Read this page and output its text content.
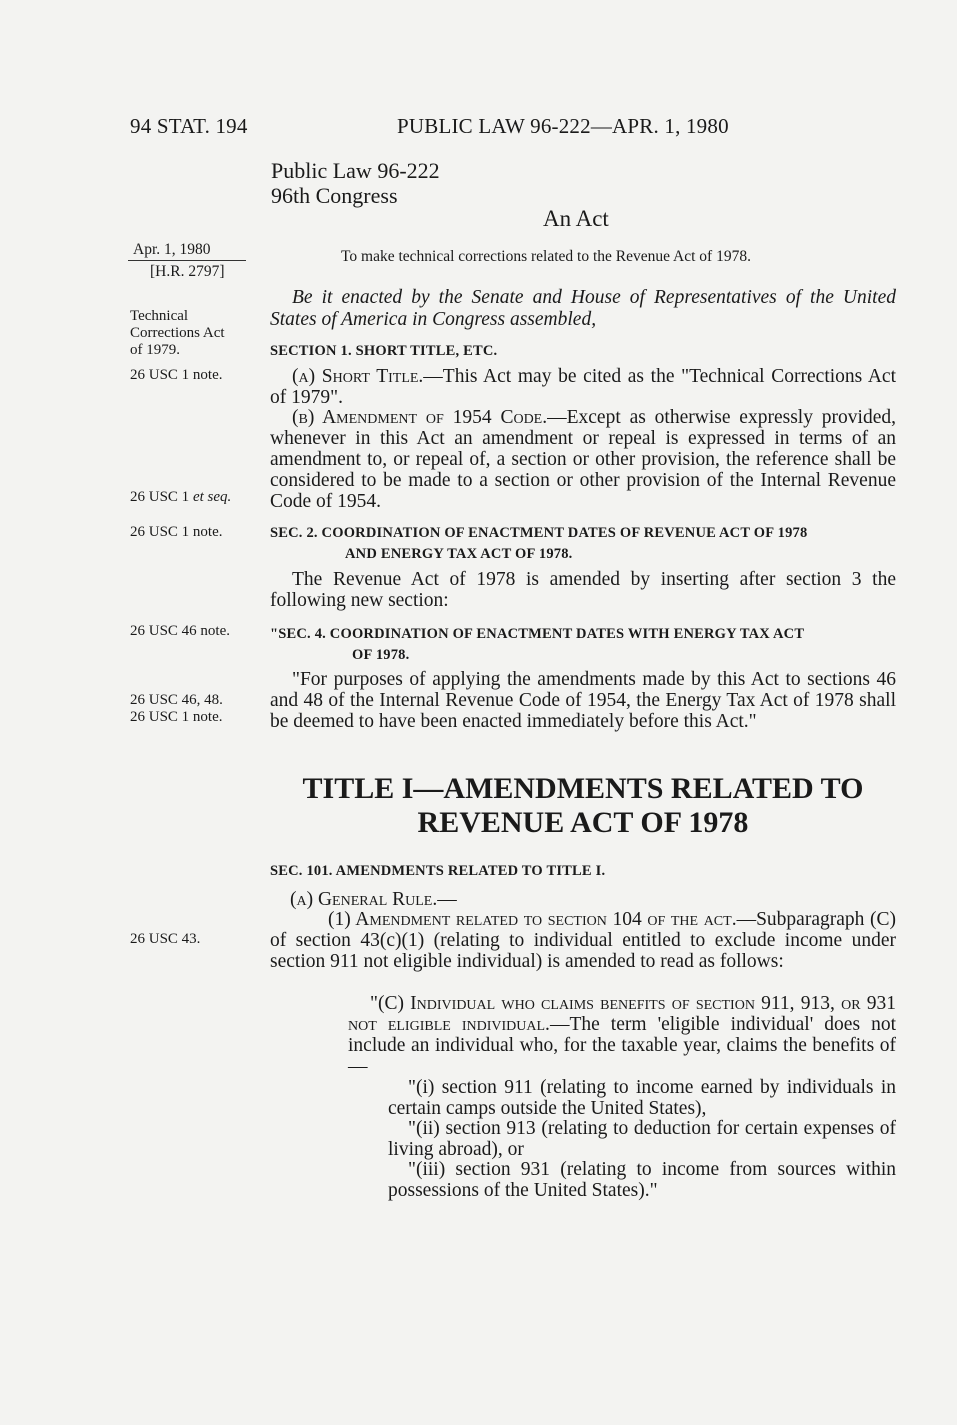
94 STAT. 194	PUBLIC LAW 96-222—APR. 1, 1980
Public Law 96-222
96th Congress
An Act
To make technical corrections related to the Revenue Act of 1978.
Apr. 1, 1980
[H.R. 2797]
Technical
Corrections Act
of 1979.
26 USC 1 note.
26 USC 1 et seq.
26 USC 1 note.
26 USC 46 note.
26 USC 46, 48.
26 USC 1 note.
26 USC 43.
Be it enacted by the Senate and House of Representatives of the United States of America in Congress assembled,
SECTION 1. SHORT TITLE, ETC.
(a) Short Title.—This Act may be cited as the "Technical Corrections Act of 1979".
(b) Amendment of 1954 Code.—Except as otherwise expressly provided, whenever in this Act an amendment or repeal is expressed in terms of an amendment to, or repeal of, a section or other provision, the reference shall be considered to be made to a section or other provision of the Internal Revenue Code of 1954.
SEC. 2. COORDINATION OF ENACTMENT DATES OF REVENUE ACT OF 1978
AND ENERGY TAX ACT OF 1978.
The Revenue Act of 1978 is amended by inserting after section 3 the following new section:
"SEC. 4. COORDINATION OF ENACTMENT DATES WITH ENERGY TAX ACT
OF 1978.
"For purposes of applying the amendments made by this Act to sections 46 and 48 of the Internal Revenue Code of 1954, the Energy Tax Act of 1978 shall be deemed to have been enacted immediately before this Act."
TITLE I—AMENDMENTS RELATED TO
REVENUE ACT OF 1978
SEC. 101. AMENDMENTS RELATED TO TITLE I.
(a) General Rule.—
(1) Amendment related to section 104 of the act.—Subparagraph (C) of section 43(c)(1) (relating to individual entitled to exclude income under section 911 not eligible individual) is amended to read as follows:
"(C) Individual who claims benefits of section 911, 913, or 931 not eligible individual.—The term 'eligible individual' does not include an individual who, for the taxable year, claims the benefits of—
"(i) section 911 (relating to income earned by individuals in certain camps outside the United States),
"(ii) section 913 (relating to deduction for certain expenses of living abroad), or
"(iii) section 931 (relating to income from sources within possessions of the United States)."
